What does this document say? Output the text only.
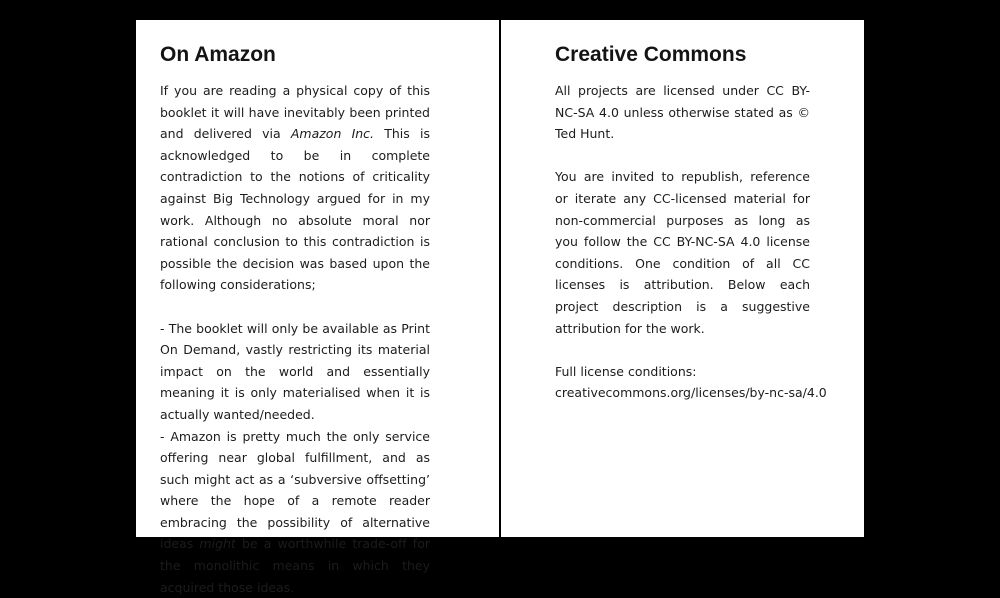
On Amazon

If you are reading a physical copy of this booklet it will have inevitably been printed and delivered via Amazon Inc. This is acknowledged to be in complete contradiction to the notions of criticality against Big Technology argued for in my work. Although no absolute moral nor rational conclusion to this contradiction is possible the decision was based upon the following considerations;

- The booklet will only be available as Print On Demand, vastly restricting its material impact on the world and essentially meaning it is only materialised when it is actually wanted/needed.

- Amazon is pretty much the only service offering near global fulfillment, and as such might act as a ‘subversive offsetting’ where the hope of a remote reader embracing the possibility of alternative ideas might be a worthwhile trade-off for the monolithic means in which they acquired those ideas.

Creative Commons

All projects are licensed under CC BY-NC-SA 4.0 unless otherwise stated as © Ted Hunt.

You are invited to republish, reference or iterate any CC-licensed material for non-commercial purposes as long as you follow the CC BY-NC-SA 4.0 license conditions. One condition of all CC licenses is attribution. Below each project description is a suggestive attribution for the work.

Full license conditions:

creativecommons.org/licenses/by-nc-sa/4.0
